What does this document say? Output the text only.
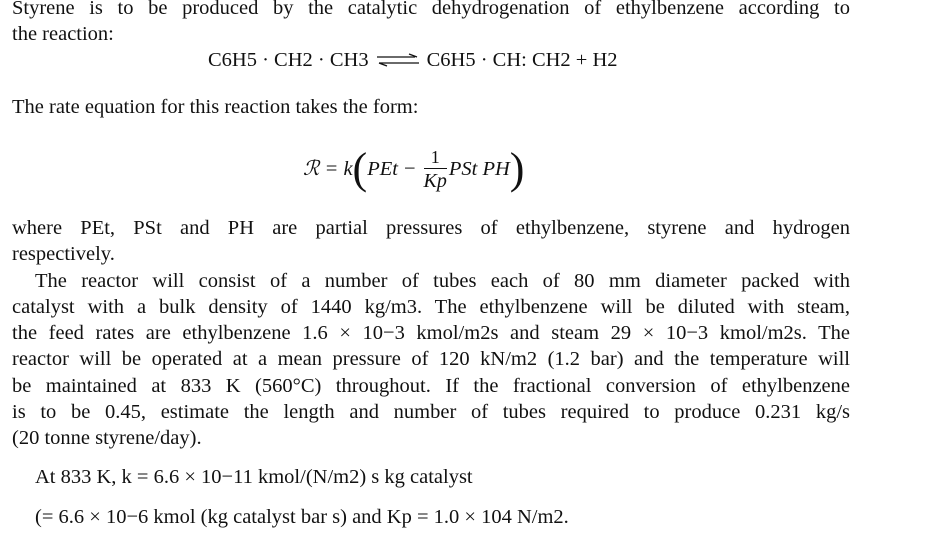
Styrene is to be produced by the catalytic dehydrogenation of ethylbenzene according to
the reaction:
C6H5 · CH2 · CH3 ⇌ C6H5 · CH: CH2 + H2
The rate equation for this reaction takes the form:
ℛ = k ( PEt − $\frac{1}{Kp}$ PSt PH )
where PEt, PSt and PH are partial pressures of ethylbenzene, styrene and hydrogen
respectively.
The reactor will consist of a number of tubes each of 80 mm diameter packed with
catalyst with a bulk density of 1440 kg/m3. The ethylbenzene will be diluted with steam,
the feed rates are ethylbenzene 1.6 × 10−3 kmol/m2s and steam 29 × 10−3 kmol/m2s. The
reactor will be operated at a mean pressure of 120 kN/m2 (1.2 bar) and the temperature will
be maintained at 833 K (560°C) throughout. If the fractional conversion of ethylbenzene
is to be 0.45, estimate the length and number of tubes required to produce 0.231 kg/s
(20 tonne styrene/day).
At 833 K, k = 6.6 × 10−11 kmol/(N/m2) s kg catalyst
(= 6.6 × 10−6 kmol (kg catalyst bar s) and Kp = 1.0 × 104 N/m2.
